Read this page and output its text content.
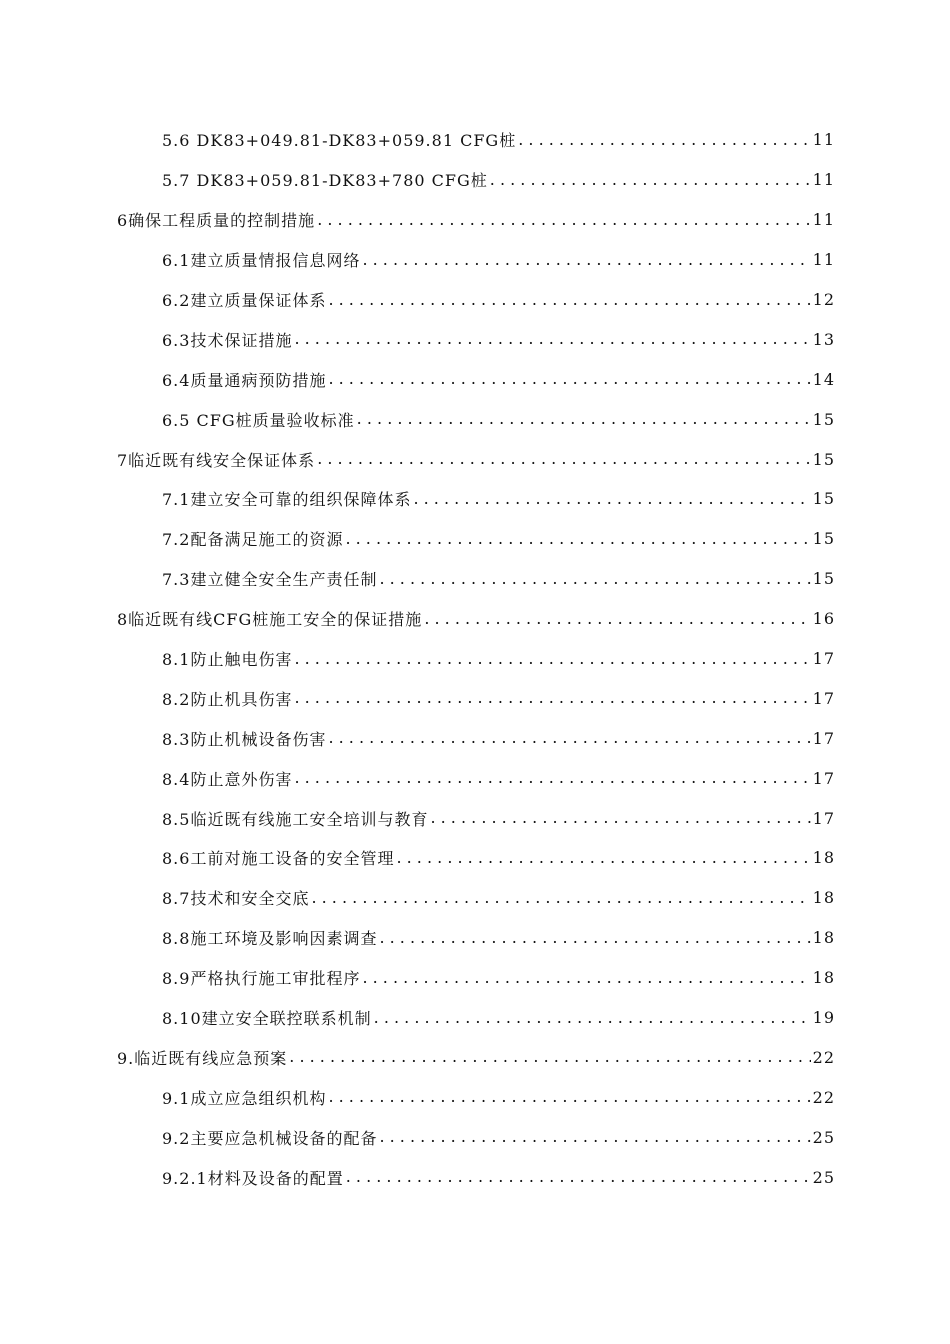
5.6 DK83+049.81-DK83+059.81 CFG桩 . . .	11
5.7 DK83+059.81-DK83+780 CFG桩 . . .	11
6确保工程质量的控制措施 . . .	11
6.1建立质量情报信息网络 . . .	11
6.2建立质量保证体系 . . .	12
6.3技术保证措施 . . .	13
6.4质量通病预防措施 . . .	14
6.5 CFG桩质量验收标准 . . .	15
7临近既有线安全保证体系 . . .	15
7.1建立安全可靠的组织保障体系 . . .	15
7.2配备满足施工的资源 . . .	15
7.3建立健全安全生产责任制 . . .	15
8临近既有线CFG桩施工安全的保证措施 . . .	16
8.1防止触电伤害 . . .	17
8.2防止机具伤害 . . .	17
8.3防止机械设备伤害 . . .	17
8.4防止意外伤害 . . .	17
8.5临近既有线施工安全培训与教育 . . .	17
8.6工前对施工设备的安全管理 . . .	18
8.7技术和安全交底 . . .	18
8.8施工环境及影响因素调查 . . .	18
8.9严格执行施工审批程序 . . .	18
8.10建立安全联控联系机制 . . .	19
9.临近既有线应急预案 . . .	22
9.1成立应急组织机构 . . .	22
9.2主要应急机械设备的配备 . . .	25
9.2.1材料及设备的配置 . . .	25
